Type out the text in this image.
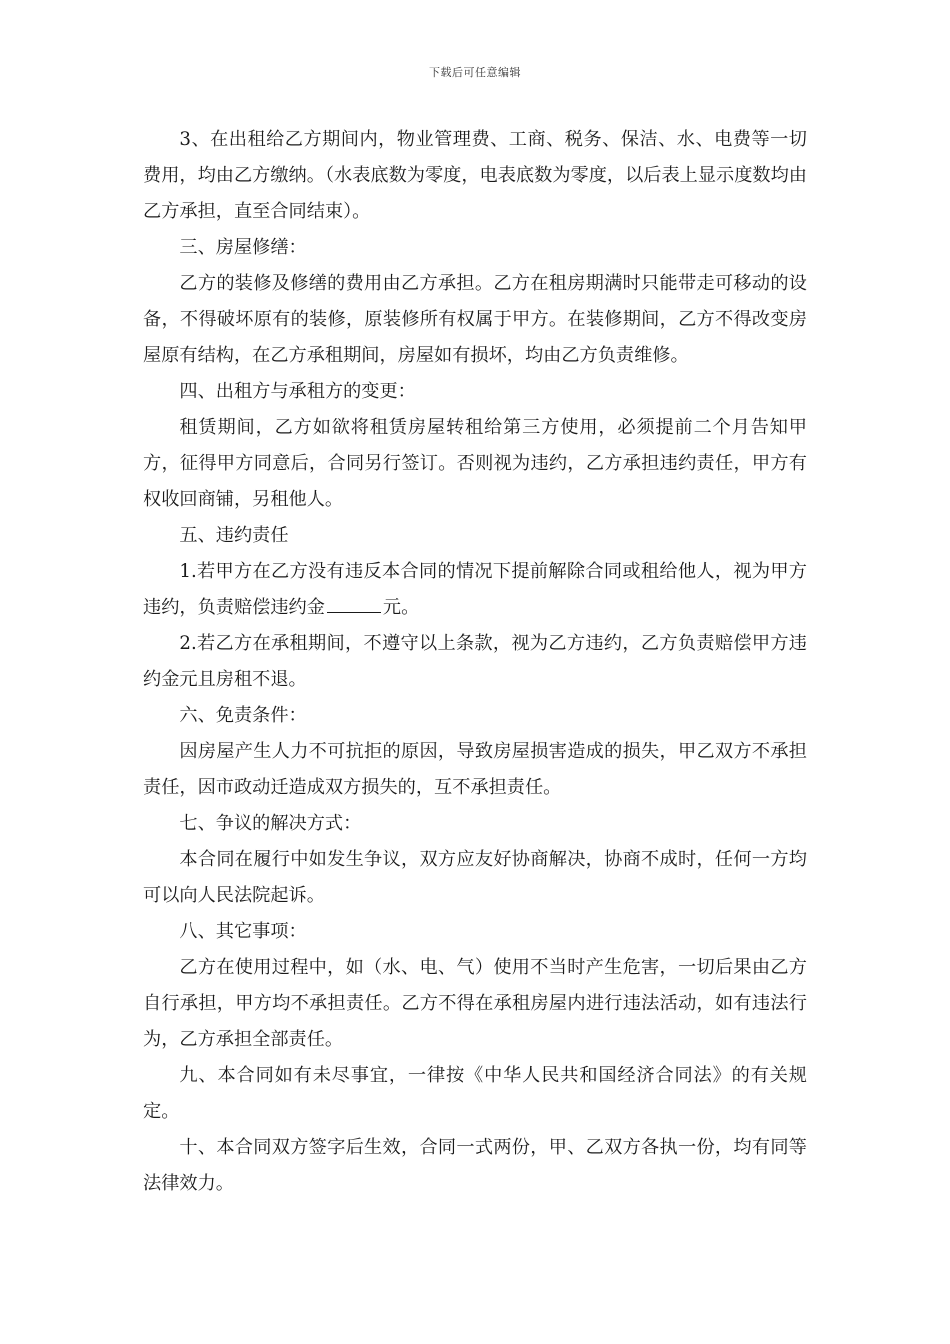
下载后可任意编辑

3、在出租给乙方期间内，物业管理费、工商、税务、保洁、水、电费等一切费用，均由乙方缴纳。（水表底数为零度，电表底数为零度，以后表上显示度数均由乙方承担，直至合同结束）。

三、房屋修缮：

乙方的装修及修缮的费用由乙方承担。乙方在租房期满时只能带走可移动的设备，不得破坏原有的装修，原装修所有权属于甲方。在装修期间，乙方不得改变房屋原有结构，在乙方承租期间，房屋如有损坏，均由乙方负责维修。

四、出租方与承租方的变更：

租赁期间，乙方如欲将租赁房屋转租给第三方使用，必须提前二个月告知甲方，征得甲方同意后，合同另行签订。否则视为违约，乙方承担违约责任，甲方有权收回商铺，另租他人。

五、违约责任

1.若甲方在乙方没有违反本合同的情况下提前解除合同或租给他人，视为甲方违约，负责赔偿违约金	元。

2.若乙方在承租期间，不遵守以上条款，视为乙方违约，乙方负责赔偿甲方违约金元且房租不退。

六、免责条件：

因房屋产生人力不可抗拒的原因，导致房屋损害造成的损失，甲乙双方不承担责任，因市政动迁造成双方损失的，互不承担责任。

七、争议的解决方式：

本合同在履行中如发生争议，双方应友好协商解决，协商不成时，任何一方均可以向人民法院起诉。

八、其它事项：

乙方在使用过程中，如（水、电、气）使用不当时产生危害，一切后果由乙方自行承担，甲方均不承担责任。乙方不得在承租房屋内进行违法活动，如有违法行为，乙方承担全部责任。

九、本合同如有未尽事宜，一律按《中华人民共和国经济合同法》的有关规定。

十、本合同双方签字后生效，合同一式两份，甲、乙双方各执一份，均有同等法律效力。
